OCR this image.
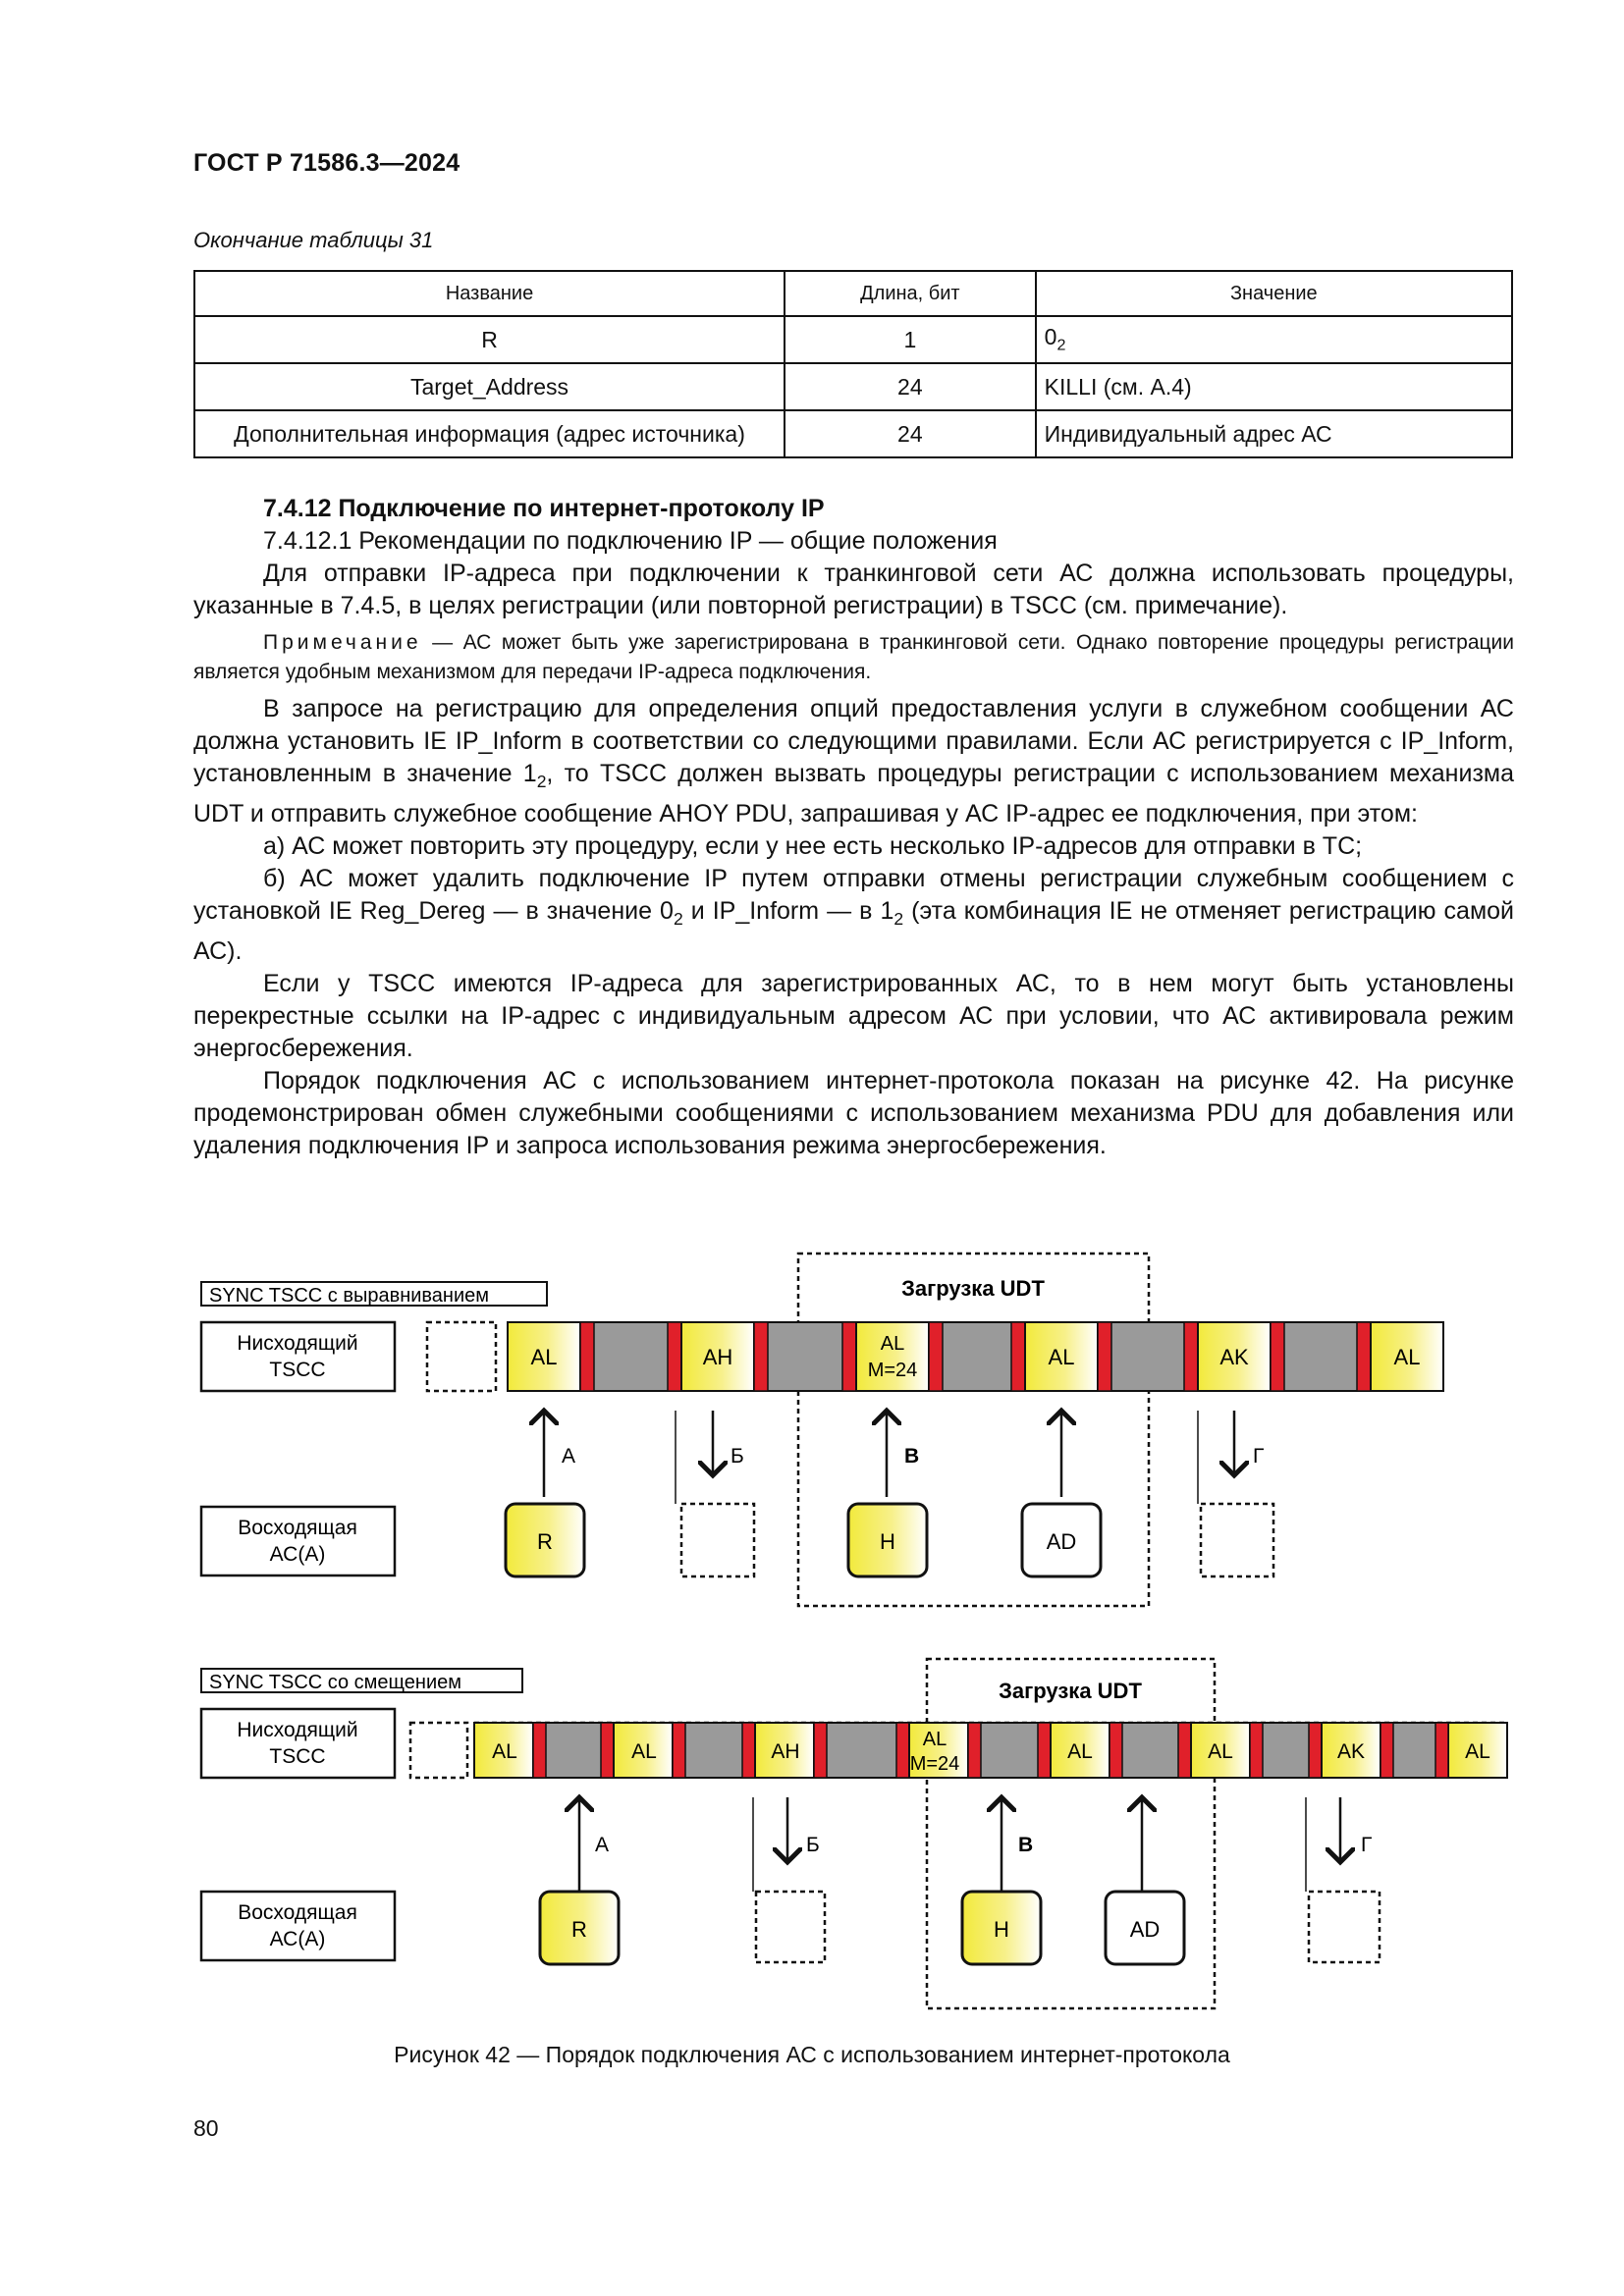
ГОСТ Р 71586.3—2024
Окончание таблицы 31
Название	Длина, бит	Значение
R	1	$0_2$
Target_Address	24	KILLI (см. А.4)
Дополнительная информация (адрес источника)	24	Индивидуальный адрес АС

7.4.12 Подключение по интернет-протоколу IP

7.4.12.1 Рекомендации по подключению IP — общие положения

Для отправки IP-адреса при подключении к транкинговой сети АС должна использовать процедуры, указанные в 7.4.5, в целях регистрации (или повторной регистрации) в TSCC (см. примечание).

Примечание — АС может быть уже зарегистрирована в транкинговой сети. Однако повторение процедуры регистрации является удобным механизмом для передачи IP-адреса подключения.

В запросе на регистрацию для определения опций предоставления услуги в служебном сообщении АС должна установить IE IP_Inform в соответствии со следующими правилами. Если АС регистрируется с IP_Inform, установленным в значение $1_2$, то TSCC должен вызвать процедуры регистрации с использованием механизма UDT и отправить служебное сообщение AHOY PDU, запрашивая у АС IP-адрес ее подключения, при этом:

а) АС может повторить эту процедуру, если у нее есть несколько IP-адресов для отправки в ТС;

б) АС может удалить подключение IP путем отправки отмены регистрации служебным сообщением с установкой IE Reg_Dereg — в значение $0_2$ и IP_Inform — в $1_2$ (эта комбинация IE не отменяет регистрацию самой АС).

Если у TSCC имеются IP-адреса для зарегистрированных АС, то в нем могут быть установлены перекрестные ссылки на IP-адрес с индивидуальным адресом АС при условии, что АС активировала режим энергосбережения.

Порядок подключения АС с использованием интернет-протокола показан на рисунке 42. На рисунке продемонстрирован обмен служебными сообщениями с использованием механизма PDU для добавления или удаления подключения IP и запроса использования режима энергосбережения.

Загрузка UDT
SYNC TSCC с выравниванием
Нисходящий
TSCC
AL	AH
AL
M=24
AL	AK	AL
А	Б	В	Г
Восходящая
АС(А)
R	H	AD
Загрузка UDT
SYNC TSCC со смещением
Нисходящий
TSCC	AL	AL	AH
AL
M=24
AL	AL	AK	AL
А	Б	В	Г
Восходящая
АС(А)	R	H	AD
Рисунок 42 — Порядок подключения АС с использованием интернет-протокола
80
